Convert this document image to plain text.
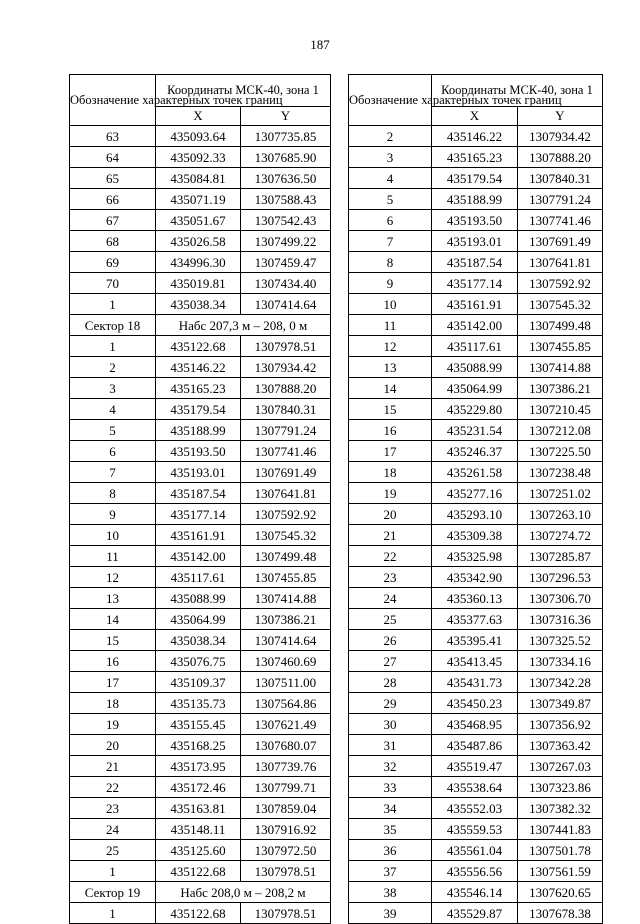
187
Обозначение характерных точек границ	Координаты МСК-40, зона 1	
	X	Y
63	435093.64	1307735.85
64	435092.33	1307685.90
65	435084.81	1307636.50
66	435071.19	1307588.43
67	435051.67	1307542.43
68	435026.58	1307499.22
69	434996.30	1307459.47
70	435019.81	1307434.40
1	435038.34	1307414.64
Сектор 18	Набс 207,3 м – 208, 0 м	
1	435122.68	1307978.51
2	435146.22	1307934.42
3	435165.23	1307888.20
4	435179.54	1307840.31
5	435188.99	1307791.24
6	435193.50	1307741.46
7	435193.01	1307691.49
8	435187.54	1307641.81
9	435177.14	1307592.92
10	435161.91	1307545.32
11	435142.00	1307499.48
12	435117.61	1307455.85
13	435088.99	1307414.88
14	435064.99	1307386.21
15	435038.34	1307414.64
16	435076.75	1307460.69
17	435109.37	1307511.00
18	435135.73	1307564.86
19	435155.45	1307621.49
20	435168.25	1307680.07
21	435173.95	1307739.76
22	435172.46	1307799.71
23	435163.81	1307859.04
24	435148.11	1307916.92
25	435125.60	1307972.50
1	435122.68	1307978.51
Сектор 19	Набс 208,0 м – 208,2 м	
1	435122.68	1307978.51
Обозначение характерных точек границ	Координаты МСК-40, зона 1	
	X	Y
2	435146.22	1307934.42
3	435165.23	1307888.20
4	435179.54	1307840.31
5	435188.99	1307791.24
6	435193.50	1307741.46
7	435193.01	1307691.49
8	435187.54	1307641.81
9	435177.14	1307592.92
10	435161.91	1307545.32
11	435142.00	1307499.48
12	435117.61	1307455.85
13	435088.99	1307414.88
14	435064.99	1307386.21
15	435229.80	1307210.45
16	435231.54	1307212.08
17	435246.37	1307225.50
18	435261.58	1307238.48
19	435277.16	1307251.02
20	435293.10	1307263.10
21	435309.38	1307274.72
22	435325.98	1307285.87
23	435342.90	1307296.53
24	435360.13	1307306.70
25	435377.63	1307316.36
26	435395.41	1307325.52
27	435413.45	1307334.16
28	435431.73	1307342.28
29	435450.23	1307349.87
30	435468.95	1307356.92
31	435487.86	1307363.42
32	435519.47	1307267.03
33	435538.64	1307323.86
34	435552.03	1307382.32
35	435559.53	1307441.83
36	435561.04	1307501.78
37	435556.56	1307561.59
38	435546.14	1307620.65
39	435529.87	1307678.38
